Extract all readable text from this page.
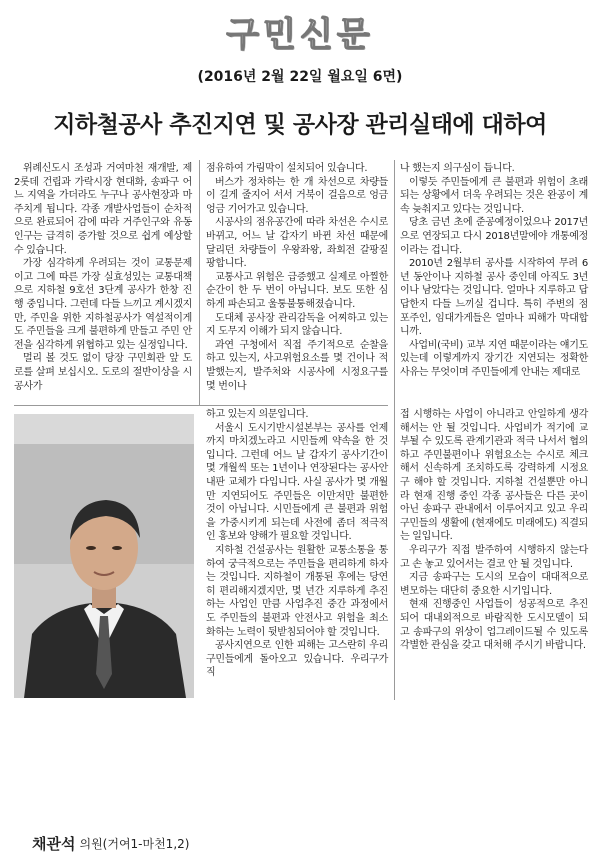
구민신문
(2016년 2월 22일 월요일 6면)
지하철공사 추진지연 및 공사장 관리실태에 대하여

위례신도시 조성과 거여마천 재개발, 제2롯데 건립과 가락시장 현대화, 송파구 어느 지역을 가더라도 누구나 공사현장과 마주치게 됩니다. 각종 개발사업들이 순차적으로 완료되어 감에 따라 거주인구와 유동인구는 급격히 증가할 것으로 쉽게 예상할 수 있습니다.

가장 심각하게 우려되는 것이 교통문제이고 그에 따른 가장 실효성있는 교통대책으로 지하철 9호선 3단계 공사가 한창 진행 중입니다. 그런데 다들 느끼고 계시겠지만, 주민을 위한 지하철공사가 역설적이게도 주민들을 크게 불편하게 만들고 주민 안전을 심각하게 위협하고 있는 실정입니다.

멀리 볼 것도 없이 당장 구민회관 앞 도로를 살펴 보십시오. 도로의 절반이상을 시공사가

점유하여 가림막이 설치되어 있습니다.

버스가 정차하는 한 개 차선으로 차량들이 길게 줄지어 서서 거북이 걸음으로 엉금엉금 기어가고 있습니다.

시공사의 점유공간에 따라 차선은 수시로 바뀌고, 어느 날 갑자기 바뀐 차선 때문에 달리던 차량들이 우왕좌왕, 좌회전 갈팡질팡합니다.

교통사고 위험은 급증했고 실제로 아찔한 순간이 한 두 번이 아닙니다. 보도 또한 심하게 파손되고 울퉁불퉁해졌습니다.

도대체 공사장 관리감독을 어찌하고 있는지 도무지 이해가 되지 않습니다.

과연 구청에서 직접 주기적으로 순찰을 하고 있는지, 사고위험요소를 몇 건이나 적발했는지, 발주처와 시공사에 시정요구를 몇 번이나

나 했는지 의구심이 듭니다.

이렇듯 주민들에게 큰 불편과 위험이 초래되는 상황에서 더욱 우려되는 것은 완공이 계속 늦춰지고 있다는 것입니다.

당초 금년 초에 준공예정이었으나 2017년으로 연장되고 다시 2018년말에야 개통예정이라는 겁니다.

2010년 2월부터 공사를 시작하여 무려 6년 동안이나 지하철 공사 중인데 아직도 3년이나 남았다는 것입니다. 얼마나 지루하고 답답한지 다들 느끼실 겁니다. 특히 주변의 점포주인, 임대가게들은 얼마나 피해가 막대합니까.

사업비(국비) 교부 지연 때문이라는 얘기도 있는데 이렇게까지 장기간 지연되는 정확한 사유는 무엇이며 주민들에게 안내는 제대로

채관석 의원(거여1-마천1,2)

하고 있는지 의문입니다.

서울시 도시기반시설본부는 공사를 언제까지 마치겠노라고 시민들께 약속을 한 것입니다. 그런데 어느 날 갑자기 공사기간이 몇 개월씩 또는 1년이나 연장된다는 공사안내판 교체가 다입니다. 사실 공사가 몇 개월만 지연되어도 주민들은 이만저만 불편한 것이 아닙니다. 시민들에게 큰 불편과 위험을 가중시키게 되는데 사전에 좀더 적극적인 홍보와 양해가 필요할 것입니다.

지하철 건설공사는 원활한 교통소통을 통하여 궁극적으로는 주민들을 편리하게 하자는 것입니다. 지하철이 개통된 후에는 당연히 편리해지겠지만, 몇 년간 지루하게 추진하는 사업인 만큼 사업추진 중간 과정에서도 주민들의 불편과 안전사고 위험을 최소화하는 노력이 뒷받침되어야 할 것입니다.

공사지연으로 인한 피해는 고스란히 우리 구민들에게 돌아오고 있습니다. 우리구가 직

접 시행하는 사업이 아니라고 안일하게 생각해서는 안 될 것입니다. 사업비가 적기에 교부될 수 있도록 관계기관과 적극 나서서 협의하고 주민불편이나 위험요소는 수시로 체크해서 신속하게 조치하도록 강력하게 시정요구 해야 할 것입니다. 지하철 건설뿐만 아니라 현재 진행 중인 각종 공사들은 다른 곳이 아닌 송파구 관내에서 이루어지고 있고 우리 구민들의 생활에 (현재에도 미래에도) 직결되는 일입니다.

우리구가 직접 발주하여 시행하지 않는다고 손 놓고 있어서는 결코 안 될 것입니다.

지금 송파구는 도시의 모습이 대대적으로 변모하는 대단히 중요한 시기입니다.

현재 진행중인 사업들이 성공적으로 추진되어 대내외적으로 바람직한 도시모델이 되고 송파구의 위상이 업그레이드될 수 있도록 각별한 관심을 갖고 대처해 주시기 바랍니다.
